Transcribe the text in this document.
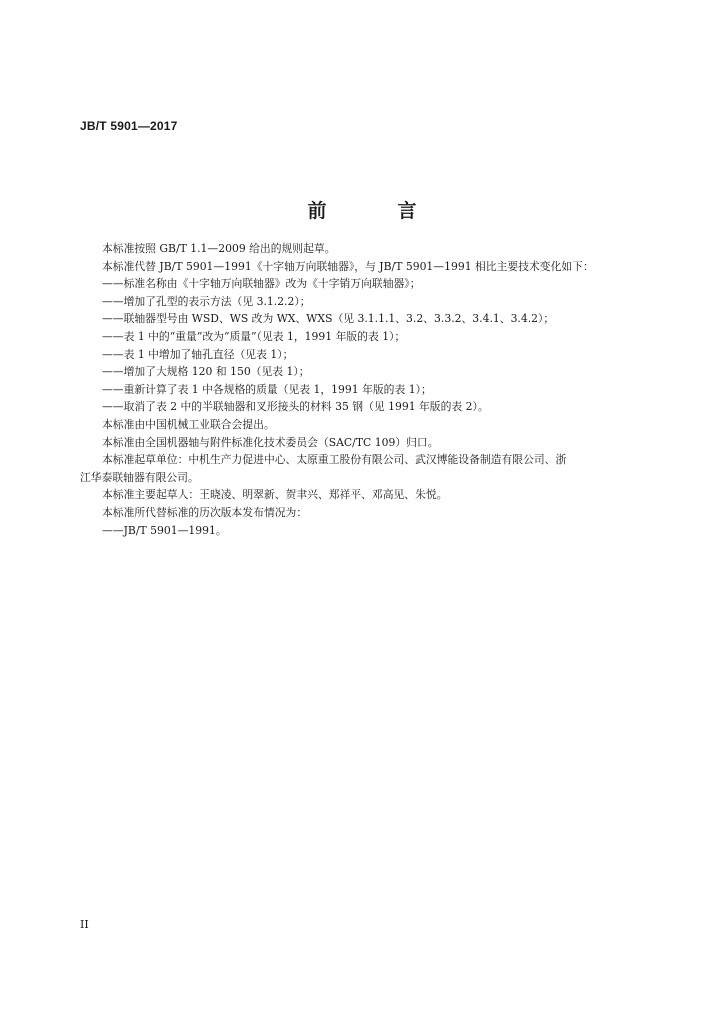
JB/T 5901—2017
前　言

本标准按照 GB/T 1.1—2009 给出的规则起草。

本标准代替 JB/T 5901—1991《十字轴万向联轴器》，与 JB/T 5901—1991 相比主要技术变化如下：

——标准名称由《十字轴万向联轴器》改为《十字销万向联轴器》；

——增加了孔型的表示方法（见 3.1.2.2）；

——联轴器型号由 WSD、WS 改为 WX、WXS（见 3.1.1.1、3.2、3.3.2、3.4.1、3.4.2）；

——表 1 中的“重量”改为“质量”（见表 1，1991 年版的表 1）；

——表 1 中增加了轴孔直径（见表 1）；

——增加了大规格 120 和 150（见表 1）；

——重新计算了表 1 中各规格的质量（见表 1，1991 年版的表 1）；

——取消了表 2 中的半联轴器和叉形接头的材料 35 钢（见 1991 年版的表 2）。

本标准由中国机械工业联合会提出。

本标准由全国机器轴与附件标准化技术委员会（SAC/TC 109）归口。

本标准起草单位：中机生产力促进中心、太原重工股份有限公司、武汉博能设备制造有限公司、浙

江华泰联轴器有限公司。

本标准主要起草人：王晓凌、明翠新、贺聿兴、郑祥平、邓高见、朱悦。

本标准所代替标准的历次版本发布情况为：

——JB/T 5901—1991。

II
